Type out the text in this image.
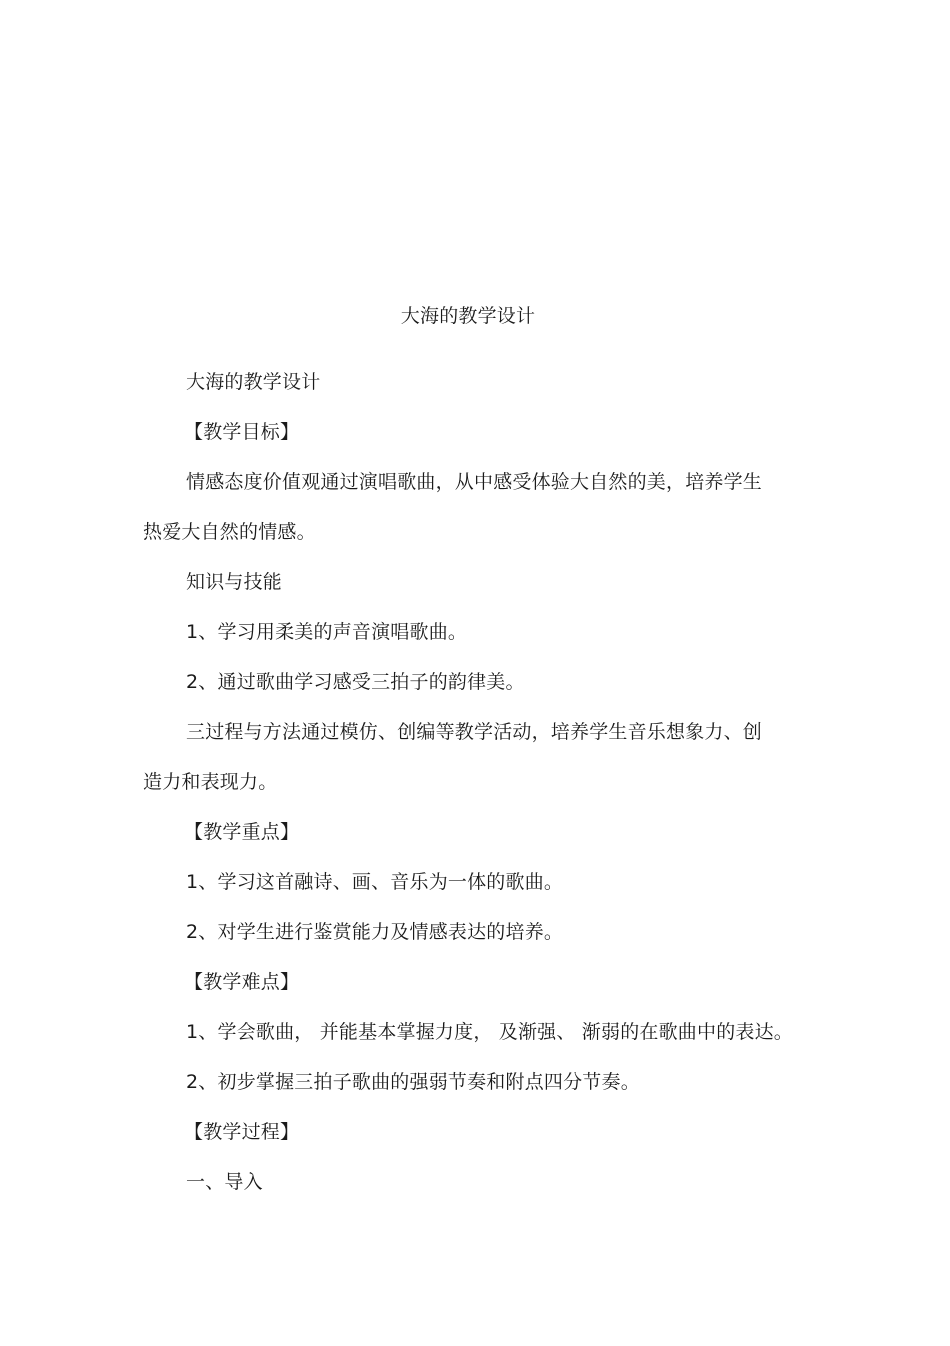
大海的教学设计
大海的教学设计
【教学目标】
情感态度价值观通过演唱歌曲，从中感受体验大自然的美，培养学生
热爱大自然的情感。
知识与技能
1、学习用柔美的声音演唱歌曲。
2、通过歌曲学习感受三拍子的韵律美。
三过程与方法通过模仿、创编等教学活动，培养学生音乐想象力、创
造力和表现力。
【教学重点】
1、学习这首融诗、画、音乐为一体的歌曲。
2、对学生进行鉴赏能力及情感表达的培养。
【教学难点】
1、学会歌曲， 并能基本掌握力度， 及渐强、 渐弱的在歌曲中的表达。
2、初步掌握三拍子歌曲的强弱节奏和附点四分节奏。
【教学过程】
一、导入
